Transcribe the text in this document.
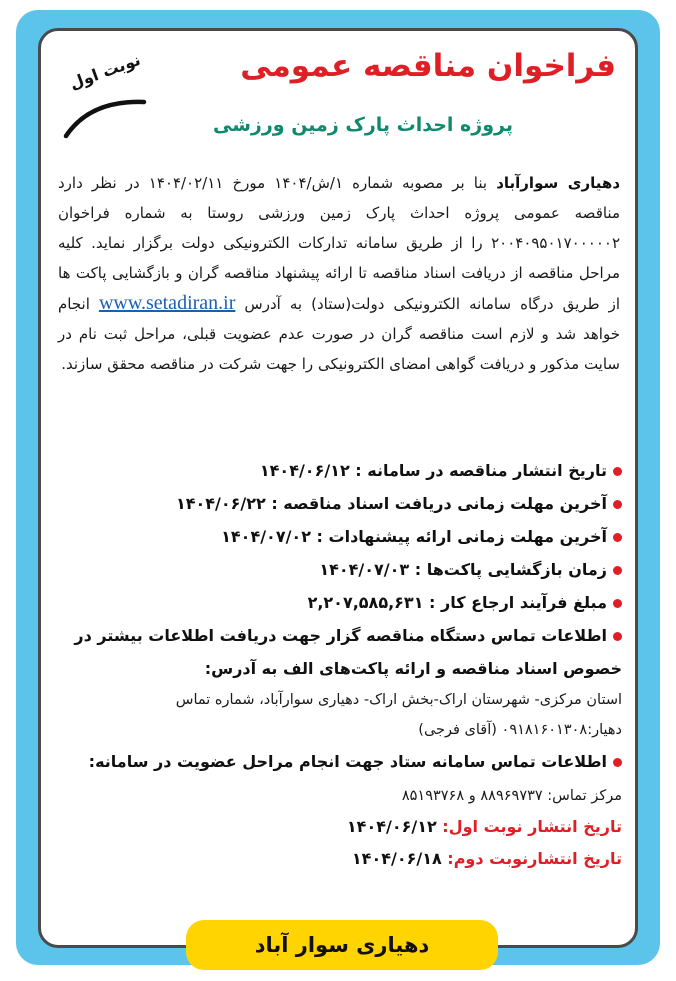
فراخوان مناقصه عمومی
پروژه احداث پارک زمین ورزشی
نوبت اول

دهیاری سوارآباد بنا بر مصوبه شماره ۱/ش/۱۴۰۴ مورخ ۱۴۰۴/۰۲/۱۱ در نظر دارد مناقصه عمومی پروژه احداث پارک زمین ورزشی روستا به شماره فراخوان ۲۰۰۴۰۹۵۰۱۷۰۰۰۰۰۲ را از طریق سامانه تدارکات الکترونیکی دولت برگزار نماید. کلیه مراحل مناقصه از دریافت اسناد مناقصه تا ارائه پیشنهاد مناقصه گران و بازگشایی پاکت ها از طریق درگاه سامانه الکترونیکی دولت(ستاد) به آدرس www.setadiran.ir انجام خواهد شد و لازم است مناقصه گران در صورت عدم عضویت قبلی، مراحل ثبت نام در سایت مذکور و دریافت گواهی امضای الکترونیکی را جهت شرکت در مناقصه محقق سازند.

تاریخ انتشار مناقصه در سامانه : ۱۴۰۴/۰۶/۱۲
آخرین مهلت زمانی دریافت اسناد مناقصه : ۱۴۰۴/۰۶/۲۲
آخرین مهلت زمانی ارائه پیشنهادات : ۱۴۰۴/۰۷/۰۲
زمان بازگشایی پاکت‌ها : ۱۴۰۴/۰۷/۰۳
مبلغ فرآیند ارجاع کار : ۲,۲۰۷,۵۸۵,۶۳۱
اطلاعات تماس دستگاه مناقصه گزار جهت دریافت اطلاعات بیشتر در خصوص اسناد مناقصه و ارائه پاکت‌های الف به آدرس:
استان مرکزی- شهرستان اراک-بخش اراک- دهیاری سوارآباد، شماره تماس دهیار:۰۹۱۸۱۶۰۱۳۰۸ (آقای فرجی)
اطلاعات تماس سامانه ستاد جهت انجام مراحل عضویت در سامانه: مرکز تماس: ۸۸۹۶۹۷۳۷ و ۸۵۱۹۳۷۶۸
تاریخ انتشار نوبت اول: ۱۴۰۴/۰۶/۱۲
تاریخ انتشارنوبت دوم: ۱۴۰۴/۰۶/۱۸
دهیاری سوار آباد
